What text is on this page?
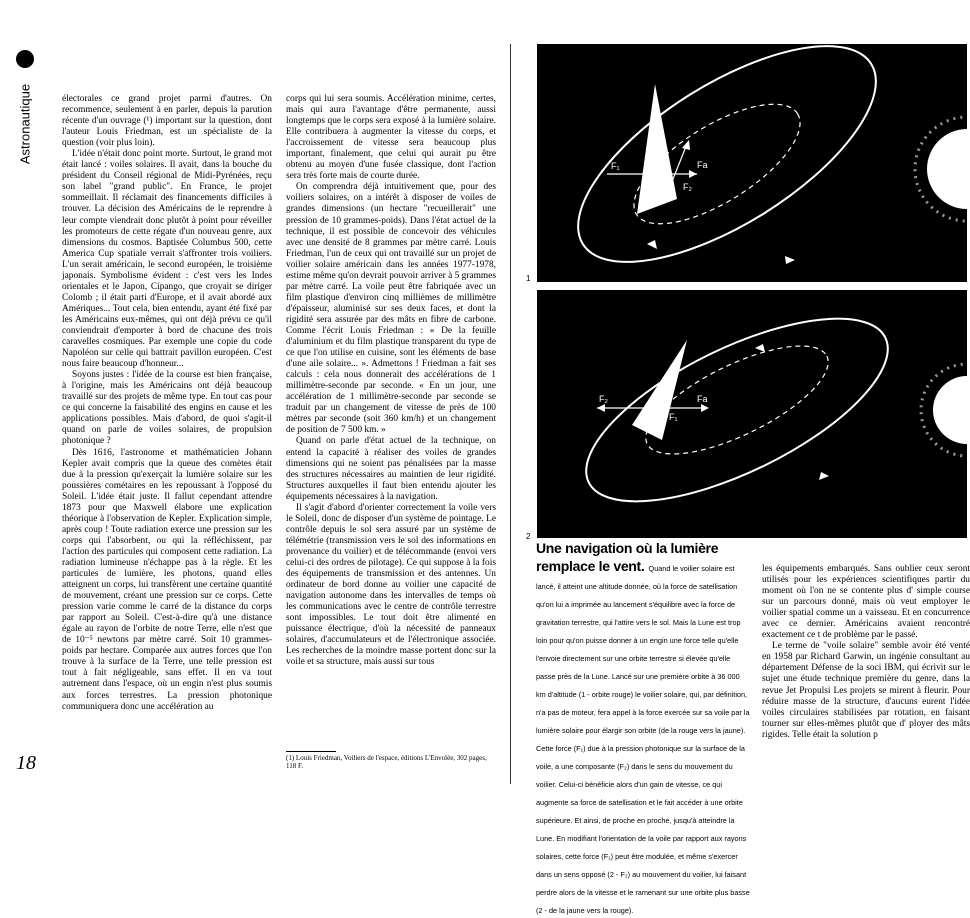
Astronautique	électorales ce grand projet parmi d'autres. On recommence, seulement à en parler, depuis la parution récente d'un ouvrage (¹) important sur la question, dont l'auteur Louis Friedman, est un spécialiste de la question (voir plus loin).

L'idée n'était donc point morte. Surtout, le grand mot était lancé : voiles solaires. Il avait, dans la bouche du président du Conseil régional de Midi-Pyrénées, reçu son label "grand public". En France, le projet sommeillait. Il réclamait des financements difficiles à trouver. La décision des Américains de le reprendre à leur compte viendrait donc plutôt à point pour réveiller les promoteurs de cette régate d'un nouveau genre, aux dimensions du cosmos. Baptisée Columbus 500, cette America Cup spatiale verrait s'affronter trois voiliers. L'un serait américain, le second européen, le troisième japonais. Symbolisme évident : c'est vers les Indes orientales et le Japon, Cipango, que croyait se diriger Colomb ; il était parti d'Europe, et il avait abordé aux Amériques... Tout cela, bien entendu, ayant été fixé par les Américains eux-mêmes, qui ont déjà prévu ce qu'il conviendrait d'emporter à bord de chacune des trois caravelles cosmiques. Par exemple une copie du code Napoléon sur celle qui battrait pavillon européen. C'est nous faire beaucoup d'honneur...

Soyons justes : l'idée de la course est bien française, à l'origine, mais les Américains ont déjà beaucoup travaillé sur des projets de même type. En tout cas pour ce qui concerne la faisabilité des engins en cause et les applications possibles. Mais d'abord, de quoi s'agit-il quand on parle de voiles solaires, de propulsion photonique ?

Dès 1616, l'astronome et mathématicien Johann Kepler avait compris que la queue des comètes était due à la pression qu'exerçait la lumière solaire sur les poussières cométaires en les repoussant à l'opposé du Soleil. L'idée était juste. Il fallut cependant attendre 1873 pour que Maxwell élabore une explication théorique à l'observation de Kepler. Explication simple, après coup ! Toute radiation exerce une pression sur les corps qui l'absorbent, ou qui la réfléchissent, par l'action des particules qui composent cette radiation. La radiation lumineuse n'échappe pas à la règle. Et les particules de lumière, les photons, quand elles atteignent un corps, lui transfèrent une certaine quantité de mouvement, créant une pression sur ce corps. Cette pression varie comme le carré de la distance du corps par rapport au Soleil. C'est-à-dire qu'à une distance égale au rayon de l'orbite de notre Terre, elle n'est que de 10⁻⁵ newtons par mètre carré. Soit 10 grammes-poids par hectare. Comparée aux autres forces que l'on trouve à la surface de la Terre, une telle pression est tout à fait négligeable, sans effet. Il en va tout autrement dans l'espace, où un engin n'est plus soumis aux forces terrestres. La pression photonique communiquera donc une accélération au

corps qui lui sera soumis. Accélération minime, certes, mais qui aura l'avantage d'être permanente, aussi longtemps que le corps sera exposé à la lumière solaire. Elle contribuera à augmenter la vitesse du corps, et l'accroissement de vitesse sera beaucoup plus important, finalement, que celui qui aurait pu être obtenu au moyen d'une fusée classique, dont l'action sera très forte mais de courte durée.

On comprendra déjà intuitivement que, pour des voiliers solaires, on a intérêt à disposer de voiles de grandes dimensions (un hectare "recueillerait" une pression de 10 grammes-poids). Dans l'état actuel de la technique, il est possible de concevoir des véhicules avec une densité de 8 grammes par mètre carré. Louis Friedman, l'un de ceux qui ont travaillé sur un projet de voilier solaire américain dans les années 1977-1978, estime même qu'on devrait pouvoir arriver à 5 grammes par mètre carré. La voile peut être fabriquée avec un film plastique d'environ cinq millièmes de millimètre d'épaisseur, aluminisé sur ses deux faces, et dont la rigidité sera assurée par des mâts en fibre de carbone. Comme l'écrit Louis Friedman : « De la feuille d'aluminium et du film plastique transparent du type de ce que l'on utilise en cuisine, sont les éléments de base d'une aile solaire... ». Admettons ! Friedman a fait ses calculs : cela nous donnerait des accélérations de 1 millimètre-seconde par seconde. « En un jour, une accélération de 1 millimètre-seconde par seconde se traduit par un changement de vitesse de près de 100 mètres par seconde (soit 360 km/h) et un changement de position de 7 500 km. »

Quand on parle d'état actuel de la technique, on entend la capacité à réaliser des voiles de grandes dimensions qui ne soient pas pénalisées par la masse des structures nécessaires au maintien de leur rigidité. Structures auxquelles il faut bien entendu ajouter les équipements nécessaires à la navigation.

Il s'agit d'abord d'orienter correctement la voile vers le Soleil, donc de disposer d'un système de pointage. Le contrôle depuis le sol sera assuré par un système de télémétrie (transmission vers le sol des informations en provenance du voilier) et de télécommande (envoi vers celui-ci des ordres de pilotage). Ce qui suppose à la fois des équipements de transmission et des antennes. Un ordinateur de bord donne au voilier une capacité de navigation autonome dans les intervalles de temps où les communications avec le centre de contrôle terrestre sont impossibles. Le tout doit être alimenté en puissance électrique, d'où la nécessité de panneaux solaires, d'accumulateurs et de l'électronique associée. Les recherches de la moindre masse portent donc sur la voile et sa structure, mais aussi sur tous

(1) Louis Friedman, Voiliers de l'espace, éditions L'Envolée, 302 pages, 118 F.
18
F₁
F₂
Fa
1
F₂
F₁
Fa
2
Une navigation où la lumière remplace le vent. Quand le voilier solaire est lancé, il atteint une altitude donnée, où la force de satellisation qu'on lui a imprimée au lancement s'équilibre avec la force de gravitation terrestre, qui l'attire vers le sol. Mais la Lune est trop loin pour qu'on puisse donner à un engin une force telle qu'elle l'envoie directement sur une orbite terrestre si élevée qu'elle passe près de la Lune. Lancé sur une première orbite à 36 000 km d'altitude (1 - orbite rouge) le voilier solaire, qui, par définition, n'a pas de moteur, fera appel à la force exercée sur sa voile par la lumière solaire pour élargir son orbite (de la rouge vers la jaune). Cette force (F₁) due à la pression photonique sur la surface de la voile, a une composante (F₂) dans le sens du mouvement du voilier. Celui-ci bénéficie alors d'un gain de vitesse, ce qui augmente sa force de satellisation et le fait accéder à une orbite supérieure. Et ainsi, de proche en proche, jusqu'à atteindre la Lune. En modifiant l'orientation de la voile par rapport aux rayons solaires, cette force (F₁) peut être modulée, et même s'exercer dans un sens opposé (2 - F₂) au mouvement du voilier, lui faisant perdre alors de la vitesse et le ramenant sur une orbite plus basse (2 - de la jaune vers la rouge).

les équipements embarqués. Sans oublier ceux seront utilisés pour les expériences scientifiques partir du moment où l'on ne se contente plus d' simple course sur un parcours donné, mais où veut employer le voilier spatial comme un a vaisseau. Et en concurrence avec ce dernier. Américains avaient rencontré exactement ce t de problème par le passé.

Le terme de "voile solaire" semble avoir été venté en 1958 par Richard Garwin, un ingénie consultant au département Défense de la soci IBM, qui écrivit sur le sujet une étude technique première du genre, dans la revue Jet Propulsi Les projets se mirent à fleurir. Pour réduire masse de la structure, d'aucuns eurent l'idée voiles circulaires stabilisées par rotation, en faisant tourner sur elles-mêmes plutôt que d' ployer des mâts rigides. Telle était la solution p
